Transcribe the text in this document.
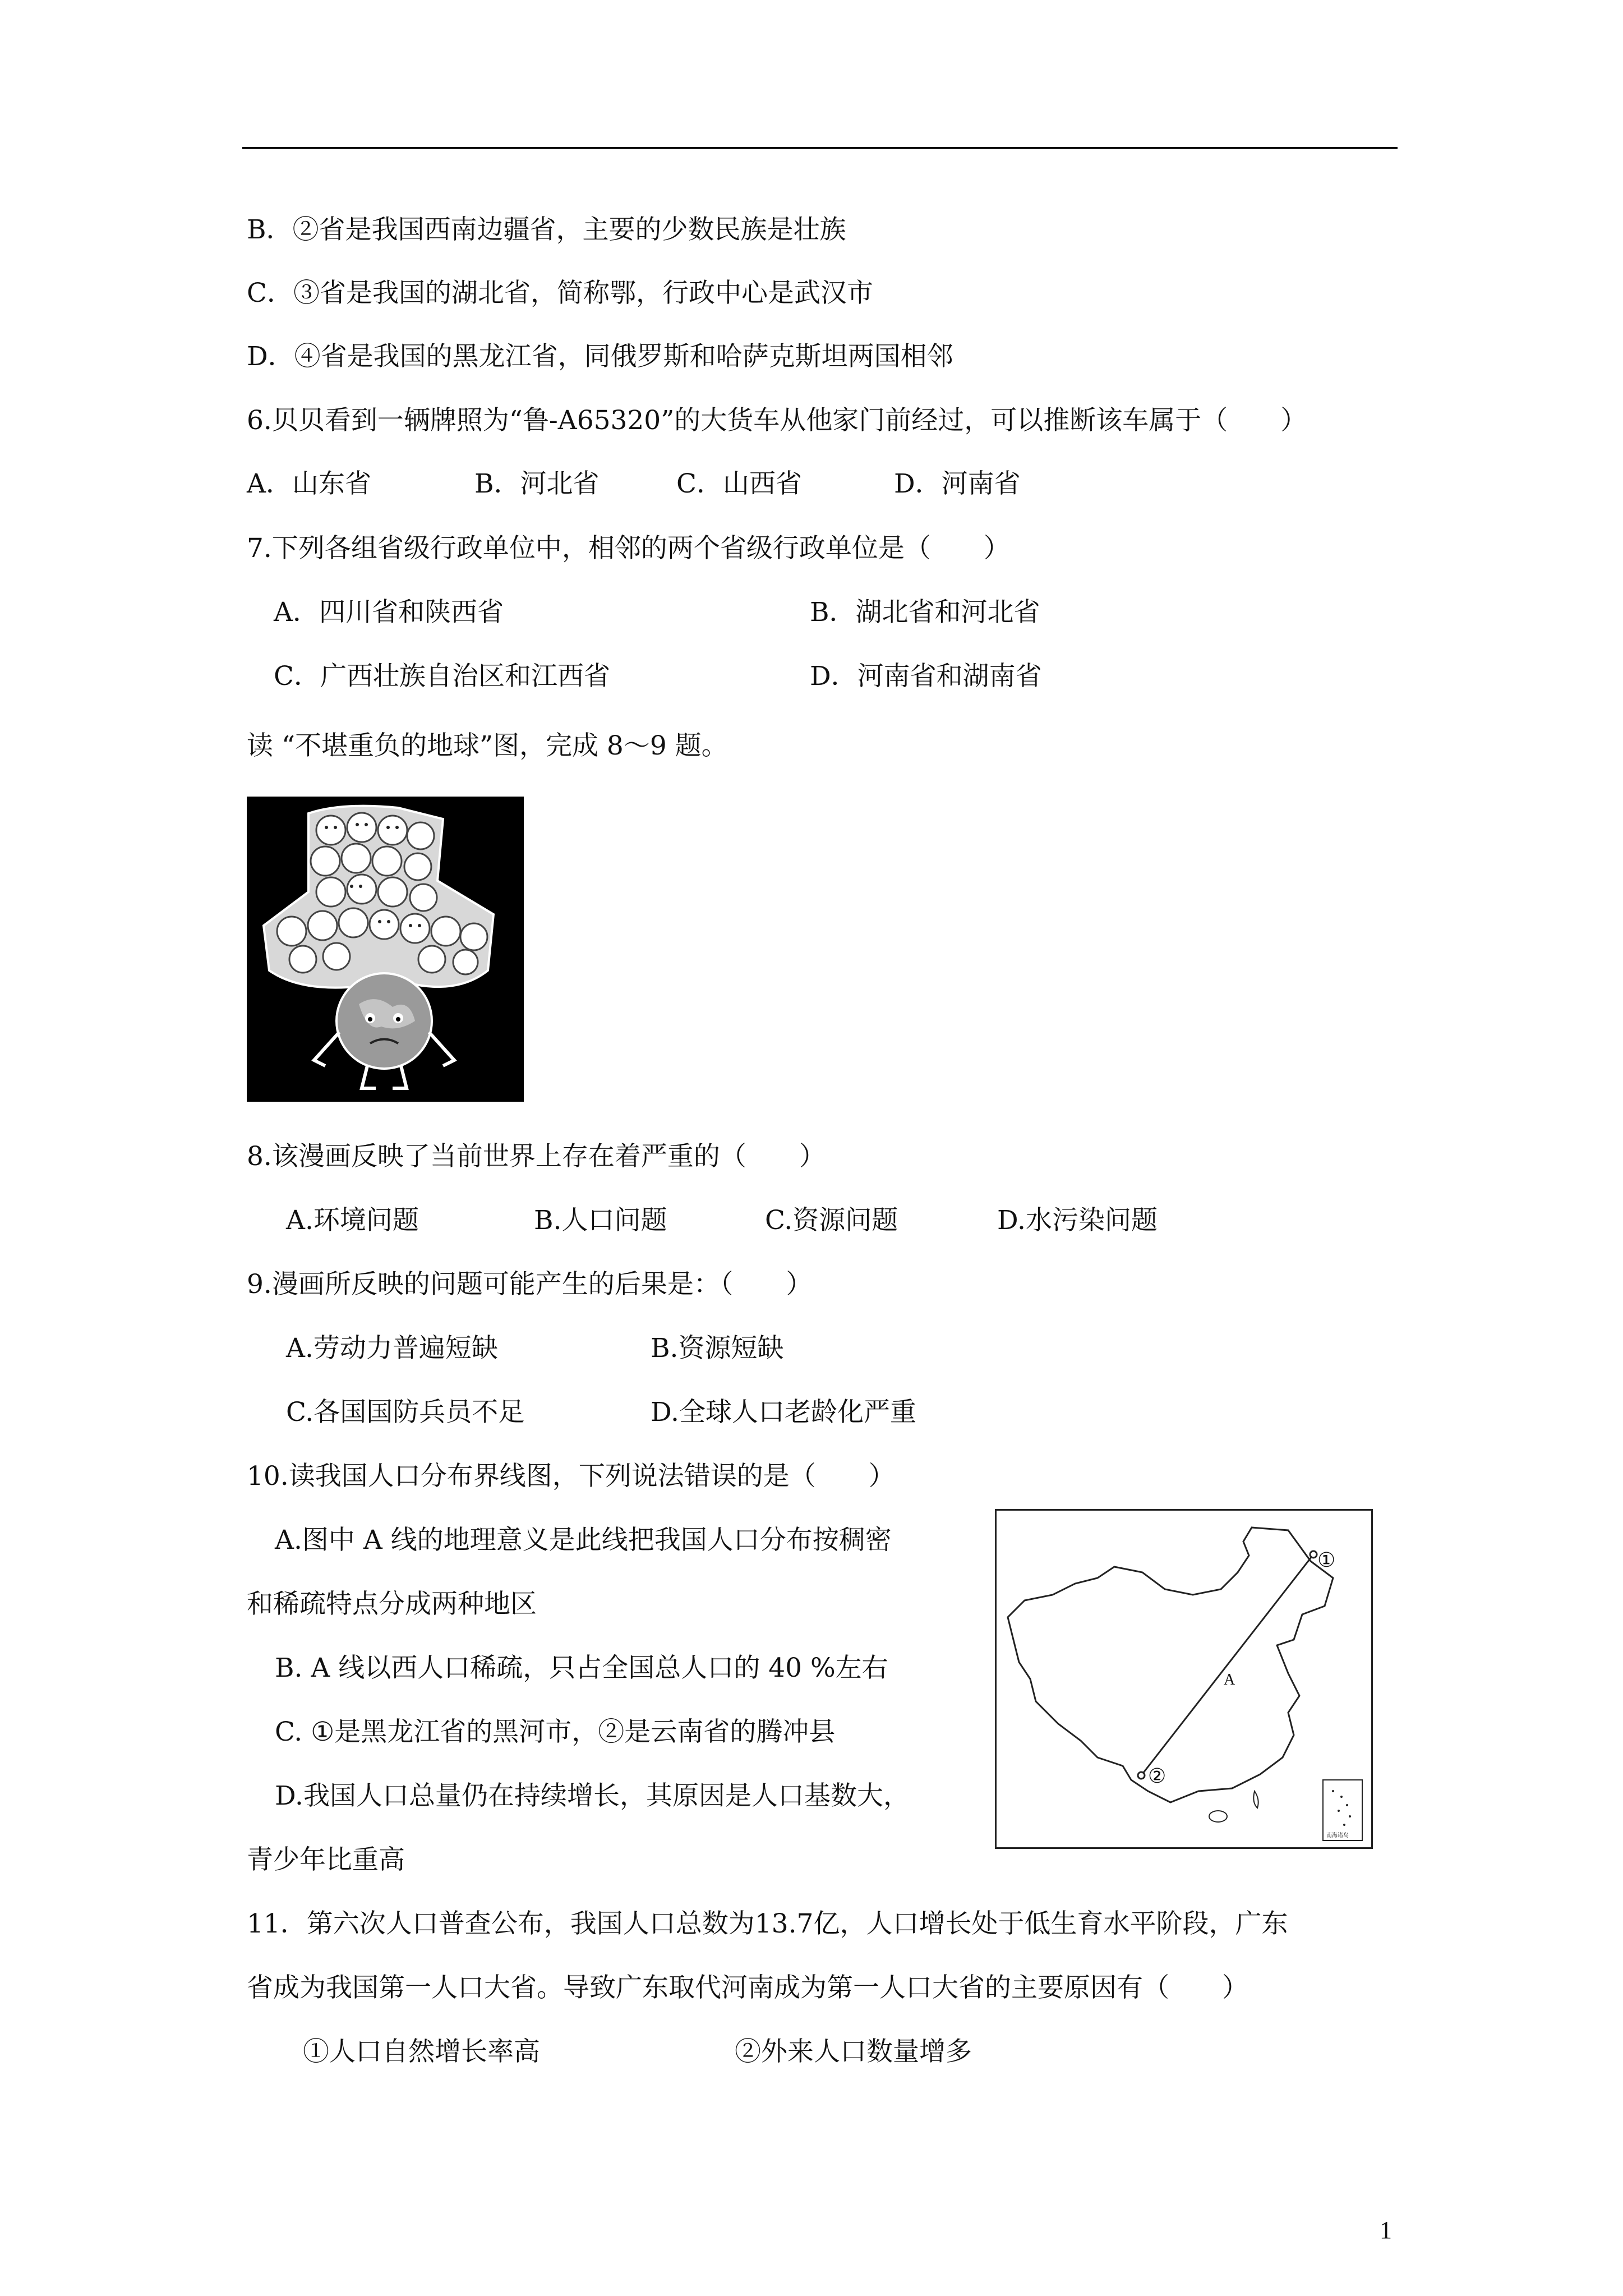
B．②省是我国西南边疆省，主要的少数民族是壮族
C．③省是我国的湖北省，简称鄂，行政中心是武汉市
D．④省是我国的黑龙江省，同俄罗斯和哈萨克斯坦两国相邻
6.贝贝看到一辆牌照为“鲁-A65320”的大货车从他家门前经过，可以推断该车属于（　　）
A．山东省	B．河北省	C．山西省	D．河南省
7.下列各组省级行政单位中，相邻的两个省级行政单位是（　　）
A．四川省和陕西省	B．湖北省和河北省
C．广西壮族自治区和江西省	D．河南省和湖南省
读 “不堪重负的地球”图，完成 8～9 题。
8.该漫画反映了当前世界上存在着严重的（　　）
A.环境问题	B.人口问题	C.资源问题	D.水污染问题
9.漫画所反映的问题可能产生的后果是：（　　）
A.劳动力普遍短缺	B.资源短缺
C.各国国防兵员不足	D.全球人口老龄化严重
10.读我国人口分布界线图，下列说法错误的是（　　）
A.图中 A 线的地理意义是此线把我国人口分布按稠密
和稀疏特点分成两种地区
B. A 线以西人口稀疏，只占全国总人口的 40 %左右
C. ①是黑龙江省的黑河市，②是云南省的腾冲县
D.我国人口总量仍在持续增长，其原因是人口基数大，
青少年比重高
①
②
A
南海诸岛
11．第六次人口普查公布，我国人口总数为13.7亿，人口增长处于低生育水平阶段，广东
省成为我国第一人口大省。导致广东取代河南成为第一人口大省的主要原因有（　　）
①人口自然增长率高	②外来人口数量增多
1
